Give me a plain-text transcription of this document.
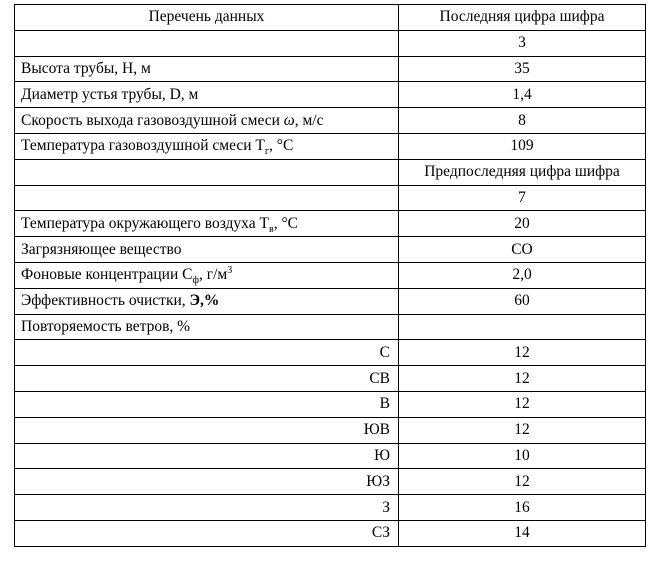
Перечень данных	Последняя цифра шифра
	3
Высота трубы, H, м	35
Диаметр устья трубы, D, м	1,4
Скорость выхода газовоздушной смеси ω, м/с	8
Температура газовоздушной смеси $T_г$, °C	109
	Предпоследняя цифра шифра
	7
Температура окружающего воздуха $T_в$, °C	20
Загрязняющее вещество	CO
Фоновые концентрации $C_ф$, $г/м^3$	2,0
Эффективность очистки, Э,%	60
Повторяемость ветров, %	
С	12
СВ	12
В	12
ЮВ	12
Ю	10
ЮЗ	12
З	16
СЗ	14
